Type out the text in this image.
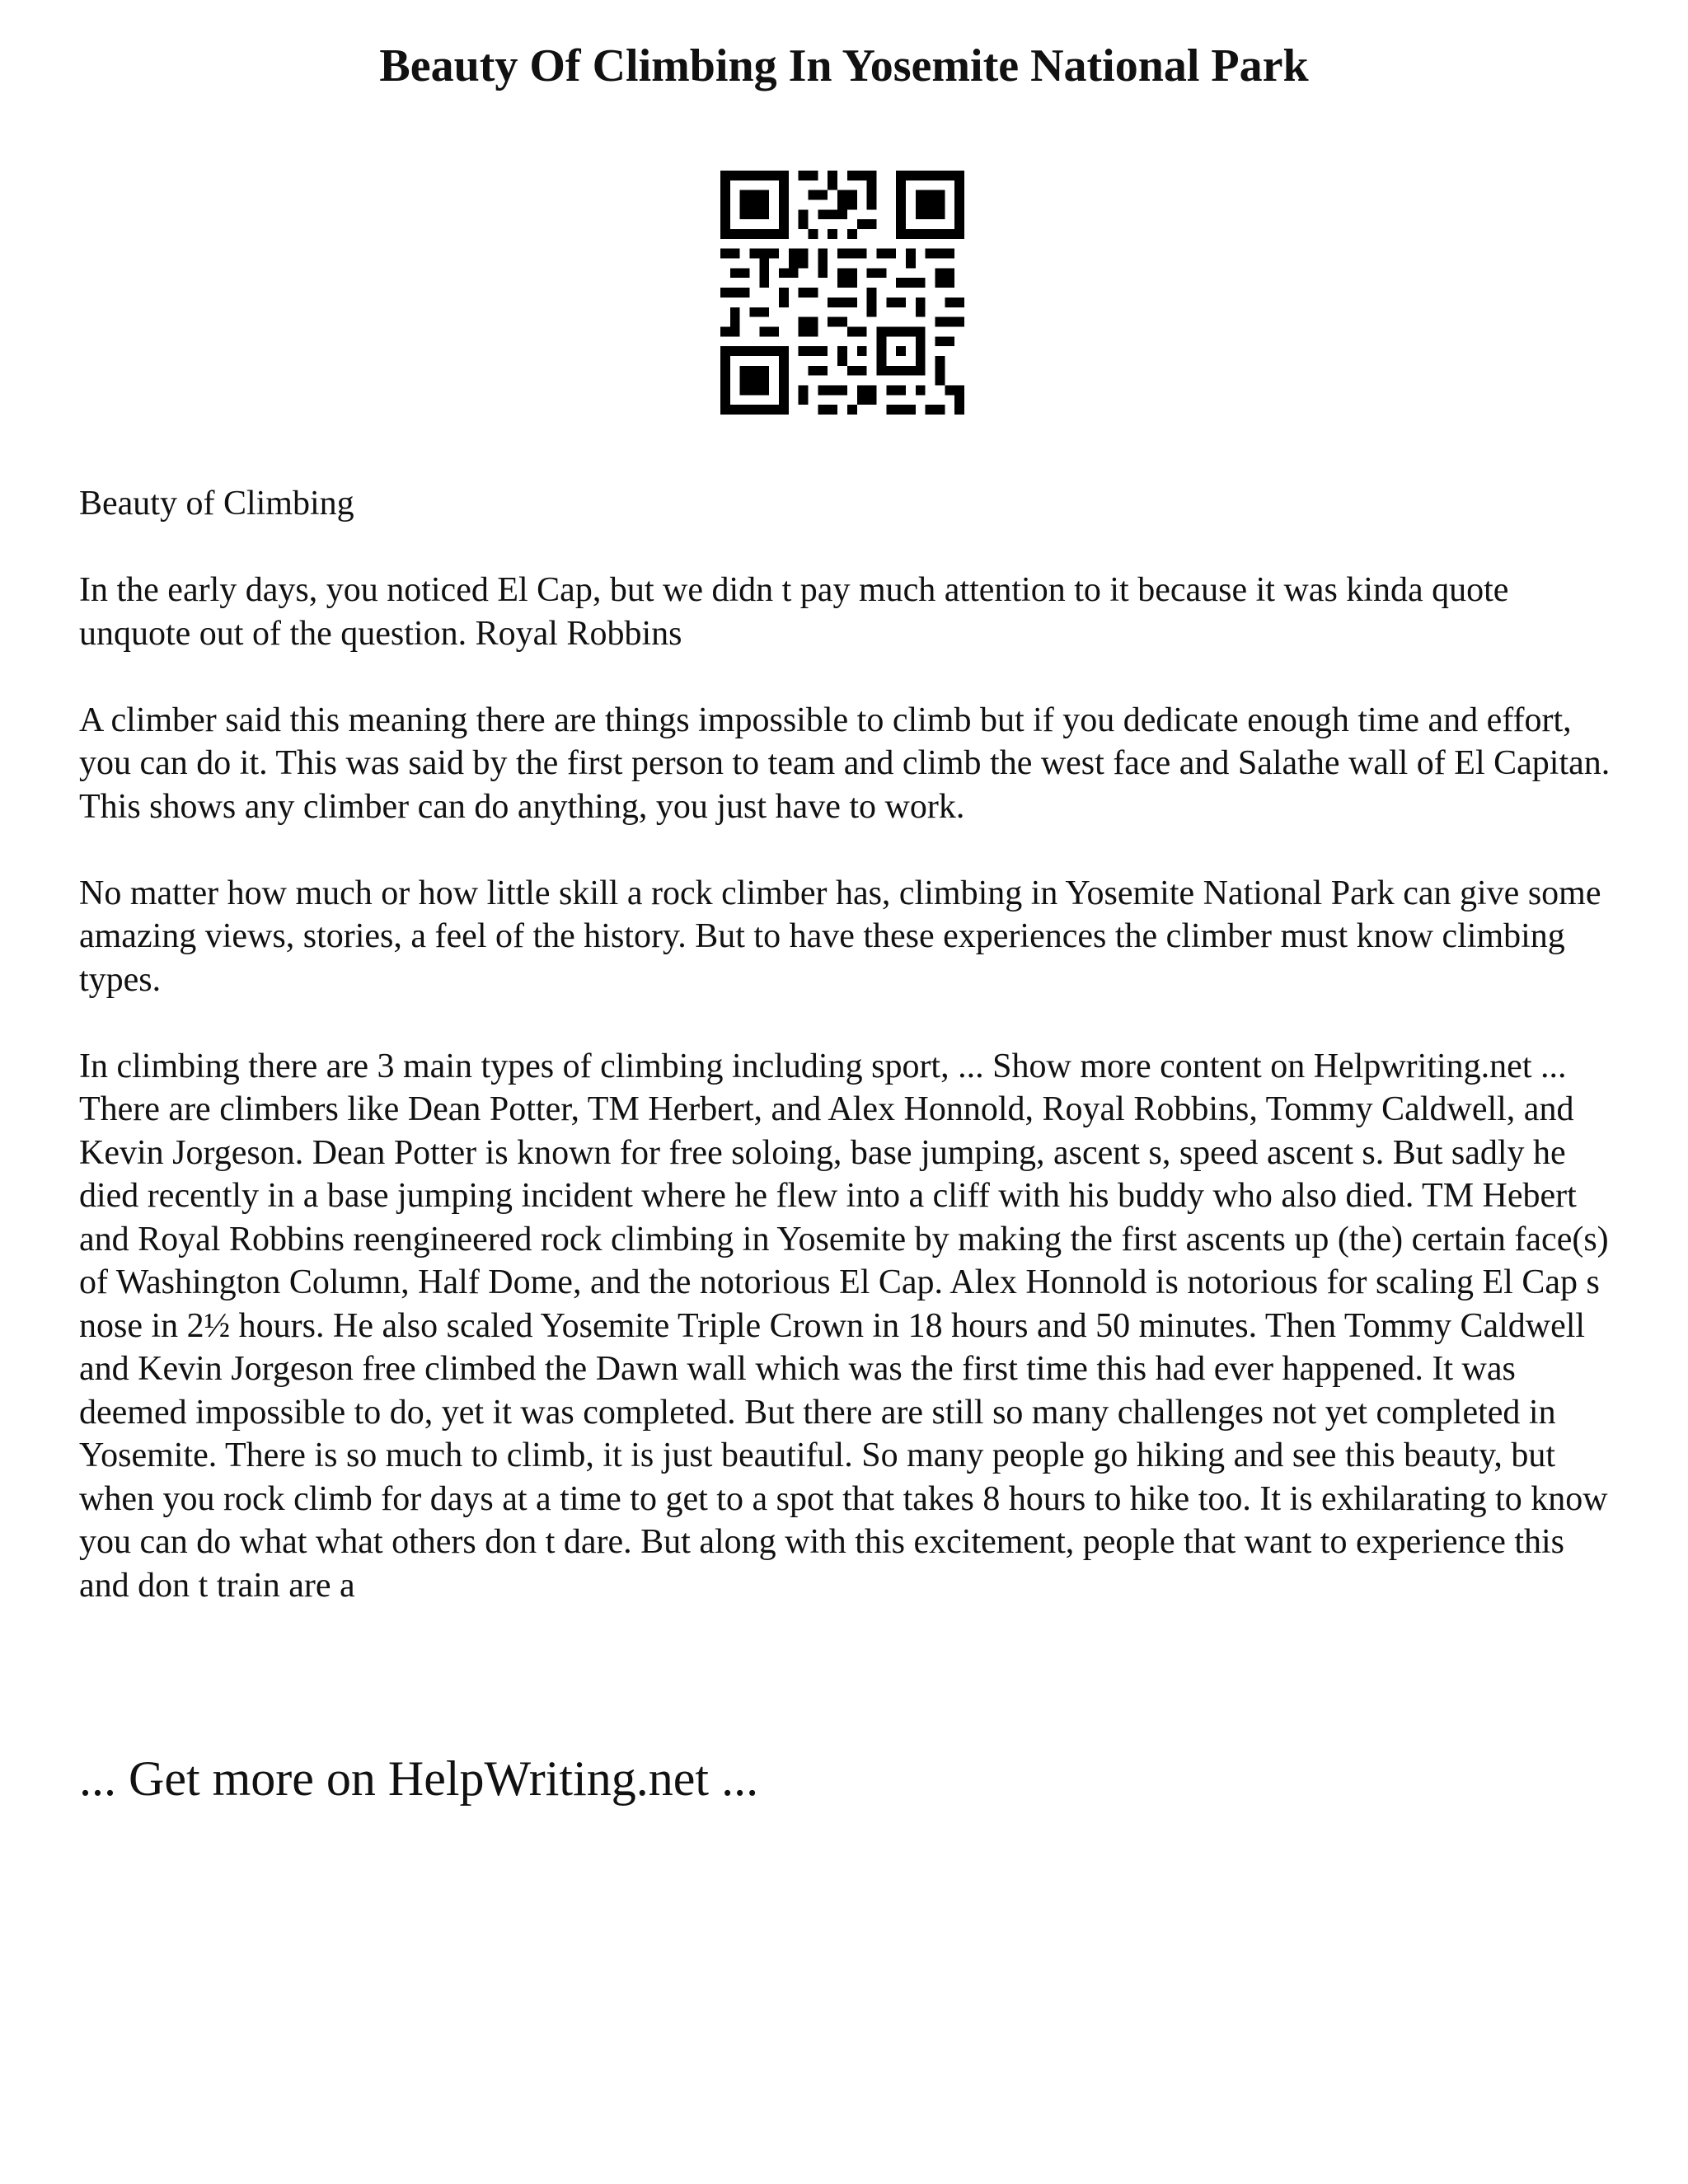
Beauty Of Climbing In Yosemite National Park

Beauty of Climbing

In the early days, you noticed El Cap, but we didn t pay much attention to it because it was kinda quote unquote out of the question. Royal Robbins

A climber said this meaning there are things impossible to climb but if you dedicate enough time and effort, you can do it. This was said by the first person to team and climb the west face and Salathe wall of El Capitan. This shows any climber can do anything, you just have to work.

No matter how much or how little skill a rock climber has, climbing in Yosemite National Park can give some amazing views, stories, a feel of the history. But to have these experiences the climber must know climbing types.

In climbing there are 3 main types of climbing including sport, ... Show more content on Helpwriting.net ...

There are climbers like Dean Potter, TM Herbert, and Alex Honnold, Royal Robbins, Tommy Caldwell, and Kevin Jorgeson. Dean Potter is known for free soloing, base jumping, ascent s, speed ascent s. But sadly he died recently in a base jumping incident where he flew into a cliff with his buddy who also died. TM Hebert and Royal Robbins reengineered rock climbing in Yosemite by making the first ascents up (the) certain face(s) of Washington Column, Half Dome, and the notorious El Cap. Alex Honnold is notorious for scaling El Cap s nose in 2½ hours. He also scaled Yosemite Triple Crown in 18 hours and 50 minutes. Then Tommy Caldwell and Kevin Jorgeson free climbed the Dawn wall which was the first time this had ever happened. It was deemed impossible to do, yet it was completed. But there are still so many challenges not yet completed in Yosemite. There is so much to climb, it is just beautiful. So many people go hiking and see this beauty, but when you rock climb for days at a time to get to a spot that takes 8 hours to hike too. It is exhilarating to know you can do what what others don t dare. But along with this excitement, people that want to experience this and don t train are a

... Get more on HelpWriting.net ...
